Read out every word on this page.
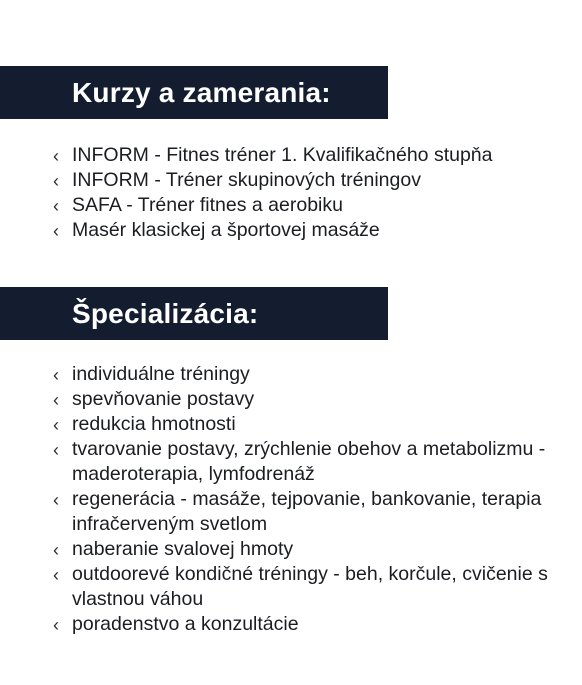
Kurzy a zamerania:
‹ INFORM - Fitnes tréner 1. Kvalifikačného stupňa
‹ INFORM - Tréner skupinových tréningov
‹ SAFA - Tréner fitnes a aerobiku
‹ Masér klasickej a športovej masáže
Špecializácia:
‹ individuálne tréningy
‹ spevňovanie postavy
‹ redukcia hmotnosti
‹ tvarovanie postavy, zrýchlenie obehov a metabolizmu - maderoterapia, lymfodrenáž
‹ regenerácia - masáže, tejpovanie, bankovanie, terapia infračerveným svetlom
‹ naberanie svalovej hmoty
‹ outdoorevé kondičné tréningy - beh, korčule, cvičenie s vlastnou váhou
‹ poradenstvo a konzultácie
